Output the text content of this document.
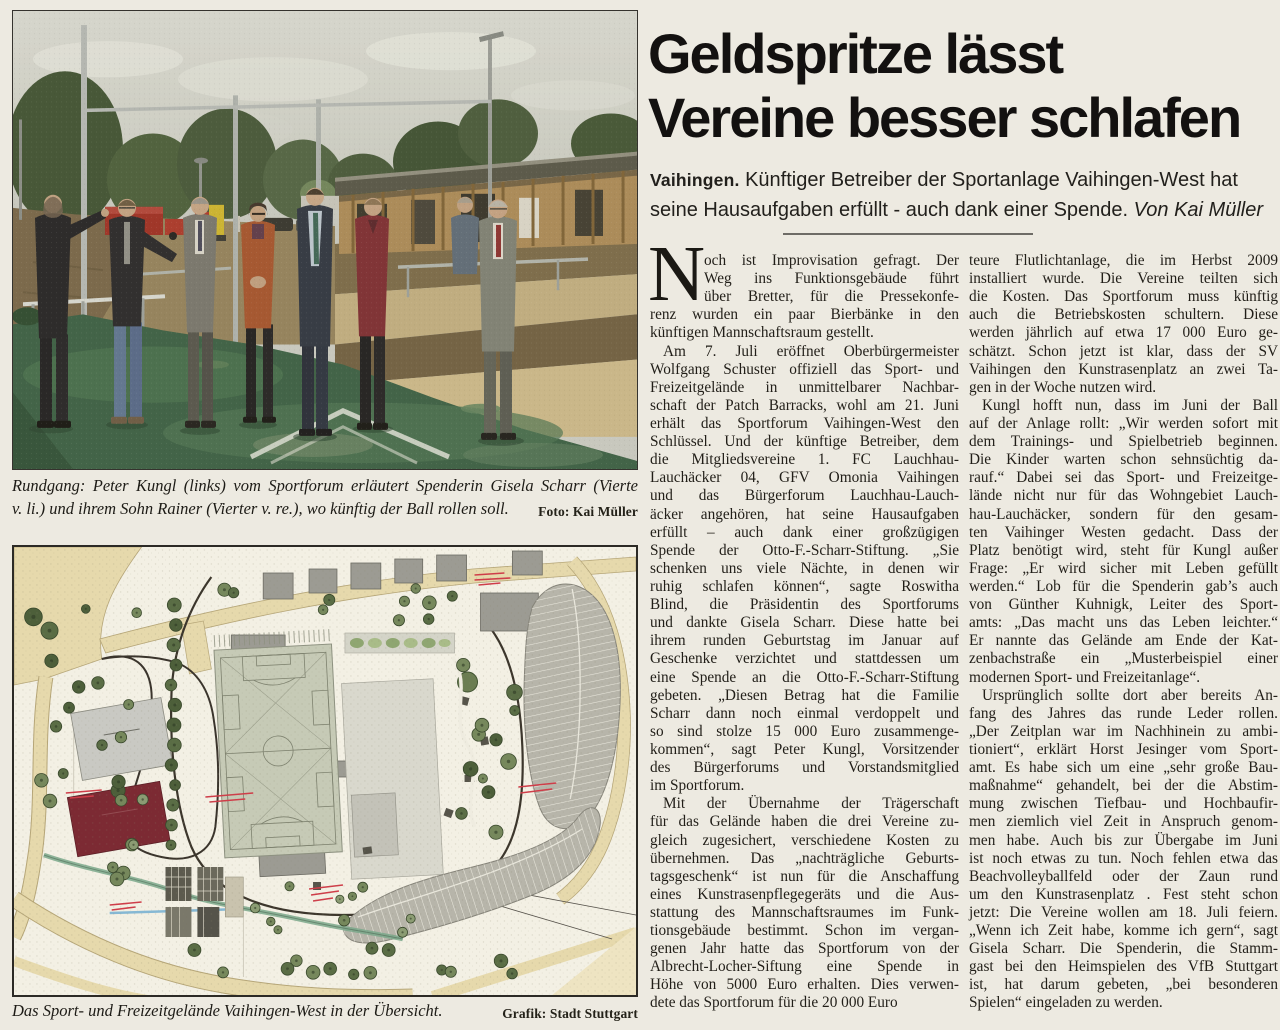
Rundgang: Peter Kungl (links) vom Sportforum erläutert Spenderin Gisela Scharr (Vierte
v. li.) und ihrem Sohn Rainer (Vierter v. re.), wo künftig der Ball rollen soll. Foto: Kai Müller
Das Sport- und Freizeitgelände Vaihingen-West in der Übersicht.	Grafik: Stadt Stuttgart
Geldspritze lässt
Vereine besser schlafen
Vaihingen. Künftiger Betreiber der Sportanlage Vaihingen-West hat
seine Hausaufgaben erfüllt - auch dank einer Spende. Von Kai Müller
N
och ist Improvisation gefragt. Der
Weg ins Funktionsgebäude führt
über Bretter, für die Pressekonfe-
renz wurden ein paar Bierbänke in den
künftigen Mannschaftsraum gestellt.
Am 7. Juli eröffnet Oberbürgermeister
Wolfgang Schuster offiziell das Sport- und
Freizeitgelände in unmittelbarer Nachbar-
schaft der Patch Barracks, wohl am 21. Juni
erhält das Sportforum Vaihingen-West den
Schlüssel. Und der künftige Betreiber, dem
die Mitgliedsvereine 1. FC Lauchhau-
Lauchäcker 04, GFV Omonia Vaihingen
und das Bürgerforum Lauchhau-Lauch-
äcker angehören, hat seine Hausaufgaben
erfüllt – auch dank einer großzügigen
Spende der Otto-F.-Scharr-Stiftung. „Sie
schenken uns viele Nächte, in denen wir
ruhig schlafen können“, sagte Roswitha
Blind, die Präsidentin des Sportforums
und dankte Gisela Scharr. Diese hatte bei
ihrem runden Geburtstag im Januar auf
Geschenke verzichtet und stattdessen um
eine Spende an die Otto-F.-Scharr-Stiftung
gebeten. „Diesen Betrag hat die Familie
Scharr dann noch einmal verdoppelt und
so sind stolze 15 000 Euro zusammenge-
kommen“, sagt Peter Kungl, Vorsitzender
des Bürgerforums und Vorstandsmitglied
im Sportforum.
Mit der Übernahme der Trägerschaft
für das Gelände haben die drei Vereine zu-
gleich zugesichert, verschiedene Kosten zu
übernehmen. Das „nachträgliche Geburts-
tagsgeschenk“ ist nun für die Anschaffung
eines Kunstrasenpflegegeräts und die Aus-
stattung des Mannschaftsraumes im Funk-
tionsgebäude bestimmt. Schon im vergan-
genen Jahr hatte das Sportforum von der
Albrecht-Locher-Siftung eine Spende in
Höhe von 5000 Euro erhalten. Dies verwen-
dete das Sportforum für die 20 000 Euro
teure Flutlichtanlage, die im Herbst 2009
installiert wurde. Die Vereine teilten sich
die Kosten. Das Sportforum muss künftig
auch die Betriebskosten schultern. Diese
werden jährlich auf etwa 17 000 Euro ge-
schätzt. Schon jetzt ist klar, dass der SV
Vaihingen den Kunstrasenplatz an zwei Ta-
gen in der Woche nutzen wird.
Kungl hofft nun, dass im Juni der Ball
auf der Anlage rollt: „Wir werden sofort mit
dem Trainings- und Spielbetrieb beginnen.
Die Kinder warten schon sehnsüchtig da-
rauf.“ Dabei sei das Sport- und Freizeitge-
lände nicht nur für das Wohngebiet Lauch-
hau-Lauchäcker, sondern für den gesam-
ten Vaihinger Westen gedacht. Dass der
Platz benötigt wird, steht für Kungl außer
Frage: „Er wird sicher mit Leben gefüllt
werden.“ Lob für die Spenderin gab’s auch
von Günther Kuhnigk, Leiter des Sport-
amts: „Das macht uns das Leben leichter.“
Er nannte das Gelände am Ende der Kat-
zenbachstraße ein „Musterbeispiel einer
modernen Sport- und Freizeitanlage“.
Ursprünglich sollte dort aber bereits An-
fang des Jahres das runde Leder rollen.
„Der Zeitplan war im Nachhinein zu ambi-
tioniert“, erklärt Horst Jesinger vom Sport-
amt. Es habe sich um eine „sehr große Bau-
maßnahme“ gehandelt, bei der die Abstim-
mung zwischen Tiefbau- und Hochbaufir-
men ziemlich viel Zeit in Anspruch genom-
men habe. Auch bis zur Übergabe im Juni
ist noch etwas zu tun. Noch fehlen etwa das
Beachvolleyballfeld oder der Zaun rund
um den Kunstrasenplatz . Fest steht schon
jetzt: Die Vereine wollen am 18. Juli feiern.
„Wenn ich Zeit habe, komme ich gern“, sagt
Gisela Scharr. Die Spenderin, die Stamm-
gast bei den Heimspielen des VfB Stuttgart
ist, hat darum gebeten, „bei besonderen
Spielen“ eingeladen zu werden.
